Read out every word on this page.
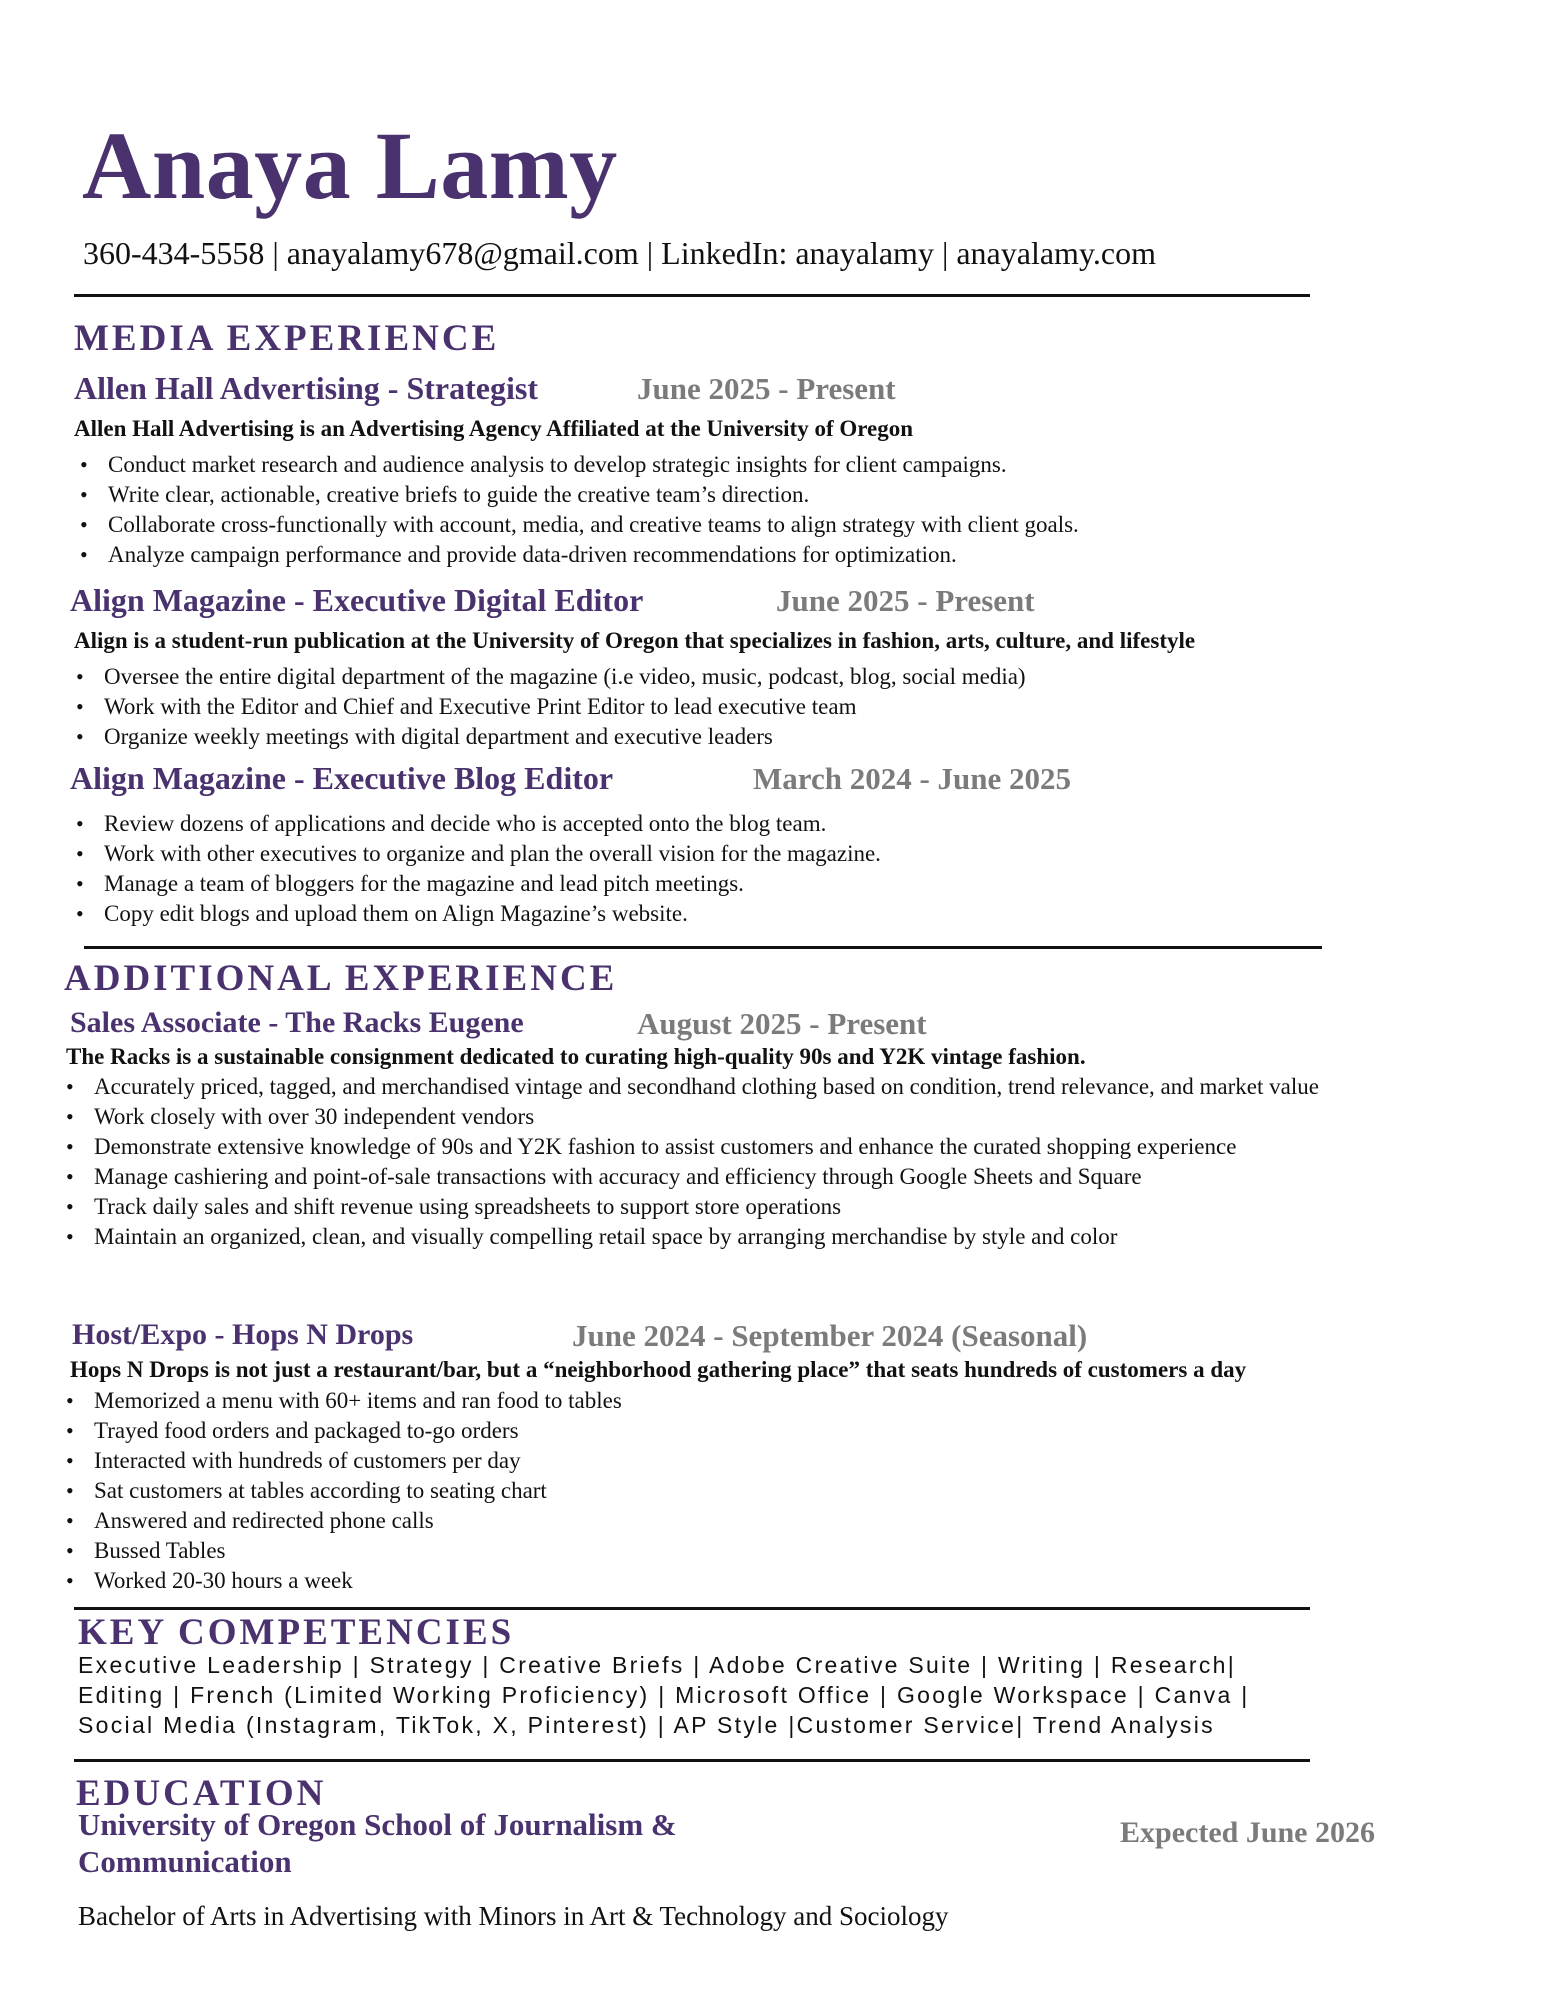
Anaya Lamy
360-434-5558 | anayalamy678@gmail.com | LinkedIn: anayalamy | anayalamy.com
MEDIA EXPERIENCE
Allen Hall Advertising - Strategist	June 2025 - Present
Allen Hall Advertising is an Advertising Agency Affiliated at the University of Oregon
• Conduct market research and audience analysis to develop strategic insights for client campaigns.
• Write clear, actionable, creative briefs to guide the creative team’s direction.
• Collaborate cross-functionally with account, media, and creative teams to align strategy with client goals.
• Analyze campaign performance and provide data-driven recommendations for optimization.
Align Magazine - Executive Digital Editor	June 2025 - Present
Align is a student-run publication at the University of Oregon that specializes in fashion, arts, culture, and lifestyle
• Oversee the entire digital department of the magazine (i.e video, music, podcast, blog, social media)
• Work with the Editor and Chief and Executive Print Editor to lead executive team
• Organize weekly meetings with digital department and executive leaders
Align Magazine - Executive Blog Editor	March 2024 - June 2025
• Review dozens of applications and decide who is accepted onto the blog team.
• Work with other executives to organize and plan the overall vision for the magazine.
• Manage a team of bloggers for the magazine and lead pitch meetings.
• Copy edit blogs and upload them on Align Magazine’s website.
ADDITIONAL EXPERIENCE
Sales Associate - The Racks Eugene	August 2025 - Present
The Racks is a sustainable consignment dedicated to curating high-quality 90s and Y2K vintage fashion.
• Accurately priced, tagged, and merchandised vintage and secondhand clothing based on condition, trend relevance, and market value
• Work closely with over 30 independent vendors
• Demonstrate extensive knowledge of 90s and Y2K fashion to assist customers and enhance the curated shopping experience
• Manage cashiering and point-of-sale transactions with accuracy and efficiency through Google Sheets and Square
• Track daily sales and shift revenue using spreadsheets to support store operations
• Maintain an organized, clean, and visually compelling retail space by arranging merchandise by style and color
Host/Expo - Hops N Drops	June 2024 - September 2024 (Seasonal)
Hops N Drops is not just a restaurant/bar, but a “neighborhood gathering place” that seats hundreds of customers a day
• Memorized a menu with 60+ items and ran food to tables
• Trayed food orders and packaged to-go orders
• Interacted with hundreds of customers per day
• Sat customers at tables according to seating chart
• Answered and redirected phone calls
• Bussed Tables
• Worked 20-30 hours a week
KEY COMPETENCIES
Executive Leadership | Strategy | Creative Briefs | Adobe Creative Suite | Writing | Research|
Editing | French (Limited Working Proficiency) | Microsoft Office | Google Workspace | Canva |
Social Media (Instagram, TikTok, X, Pinterest) | AP Style |Customer Service| Trend Analysis
EDUCATION
University of Oregon School of Journalism & Communication
Expected June 2026
Bachelor of Arts in Advertising with Minors in Art & Technology and Sociology
